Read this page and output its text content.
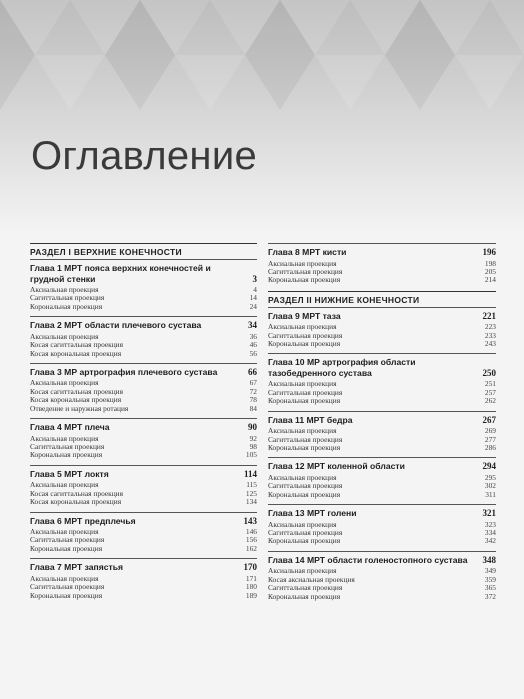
Оглавление
РАЗДЕЛ I ВЕРХНИЕ КОНЕЧНОСТИ
Глава 1 МРТ пояса верхних конечностей и грудной стенки	3
Аксиальная проекция	4
Сагиттальная проекция	14
Корональная проекция	24
Глава 2 МРТ области плечевого сустава	34
Аксиальная проекция	36
Косая сагиттальная проекция	46
Косая корональная проекция	56
Глава 3 МР артрография плечевого сустава	66
Аксиальная проекция	67
Косая сагиттальная проекция	72
Косая корональная проекция	78
Отведение и наружная ротация	84
Глава 4 МРТ плеча	90
Аксиальная проекция	92
Сагиттальная проекция	98
Корональная проекция	105
Глава 5 МРТ локтя	114
Аксиальная проекция	115
Косая сагиттальная проекция	125
Косая корональная проекция	134
Глава 6 МРТ предплечья	143
Аксиальная проекция	146
Сагиттальная проекция	156
Корональная проекция	162
Глава 7 МРТ запястья	170
Аксиальная проекция	171
Сагиттальная проекция	180
Корональная проекция	189
Глава 8 МРТ кисти	196
Аксиальная проекция	198
Сагиттальная проекция	205
Корональная проекция	214
РАЗДЕЛ II НИЖНИЕ КОНЕЧНОСТИ
Глава 9 МРТ таза	221
Аксиальная проекция	223
Сагиттальная проекция	233
Корональная проекция	243
Глава 10 МР артрография области тазобедренного сустава	250
Аксиальная проекция	251
Сагиттальная проекция	257
Корональная проекция	262
Глава 11 МРТ бедра	267
Аксиальная проекция	269
Сагиттальная проекция	277
Корональная проекция	286
Глава 12 МРТ коленной области	294
Аксиальная проекция	295
Сагиттальная проекция	302
Корональная проекция	311
Глава 13 МРТ голени	321
Аксиальная проекция	323
Сагиттальная проекция	334
Корональная проекция	342
Глава 14 МРТ области голеностопного сустава	348
Аксиальная проекция	349
Косая аксиальная проекция	359
Сагиттальная проекция	365
Корональная проекция	372
